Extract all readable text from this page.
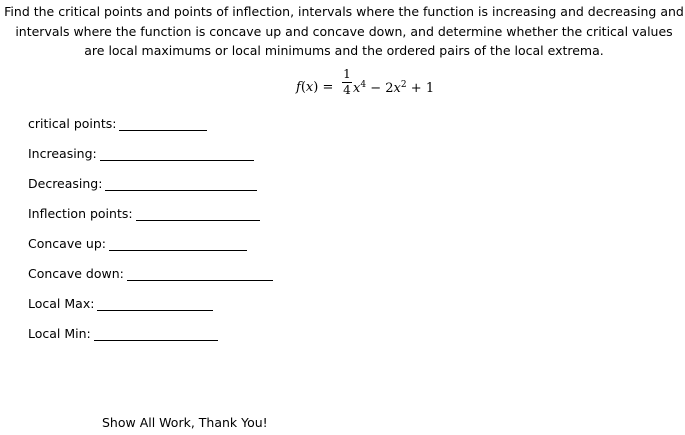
Find the critical points and points of inflection, intervals where the function is increasing and decreasing and intervals where the function is concave up and concave down, and determine whether the critical values are local maximums or local minimums and the ordered pairs of the local extrema.
f(x) =
1
4 $x^4 - 2x^2 + 1$
critical points:
Increasing:
Decreasing:
Inflection points:
Concave up:
Concave down:
Local Max:
Local Min:
Show All Work, Thank You!
